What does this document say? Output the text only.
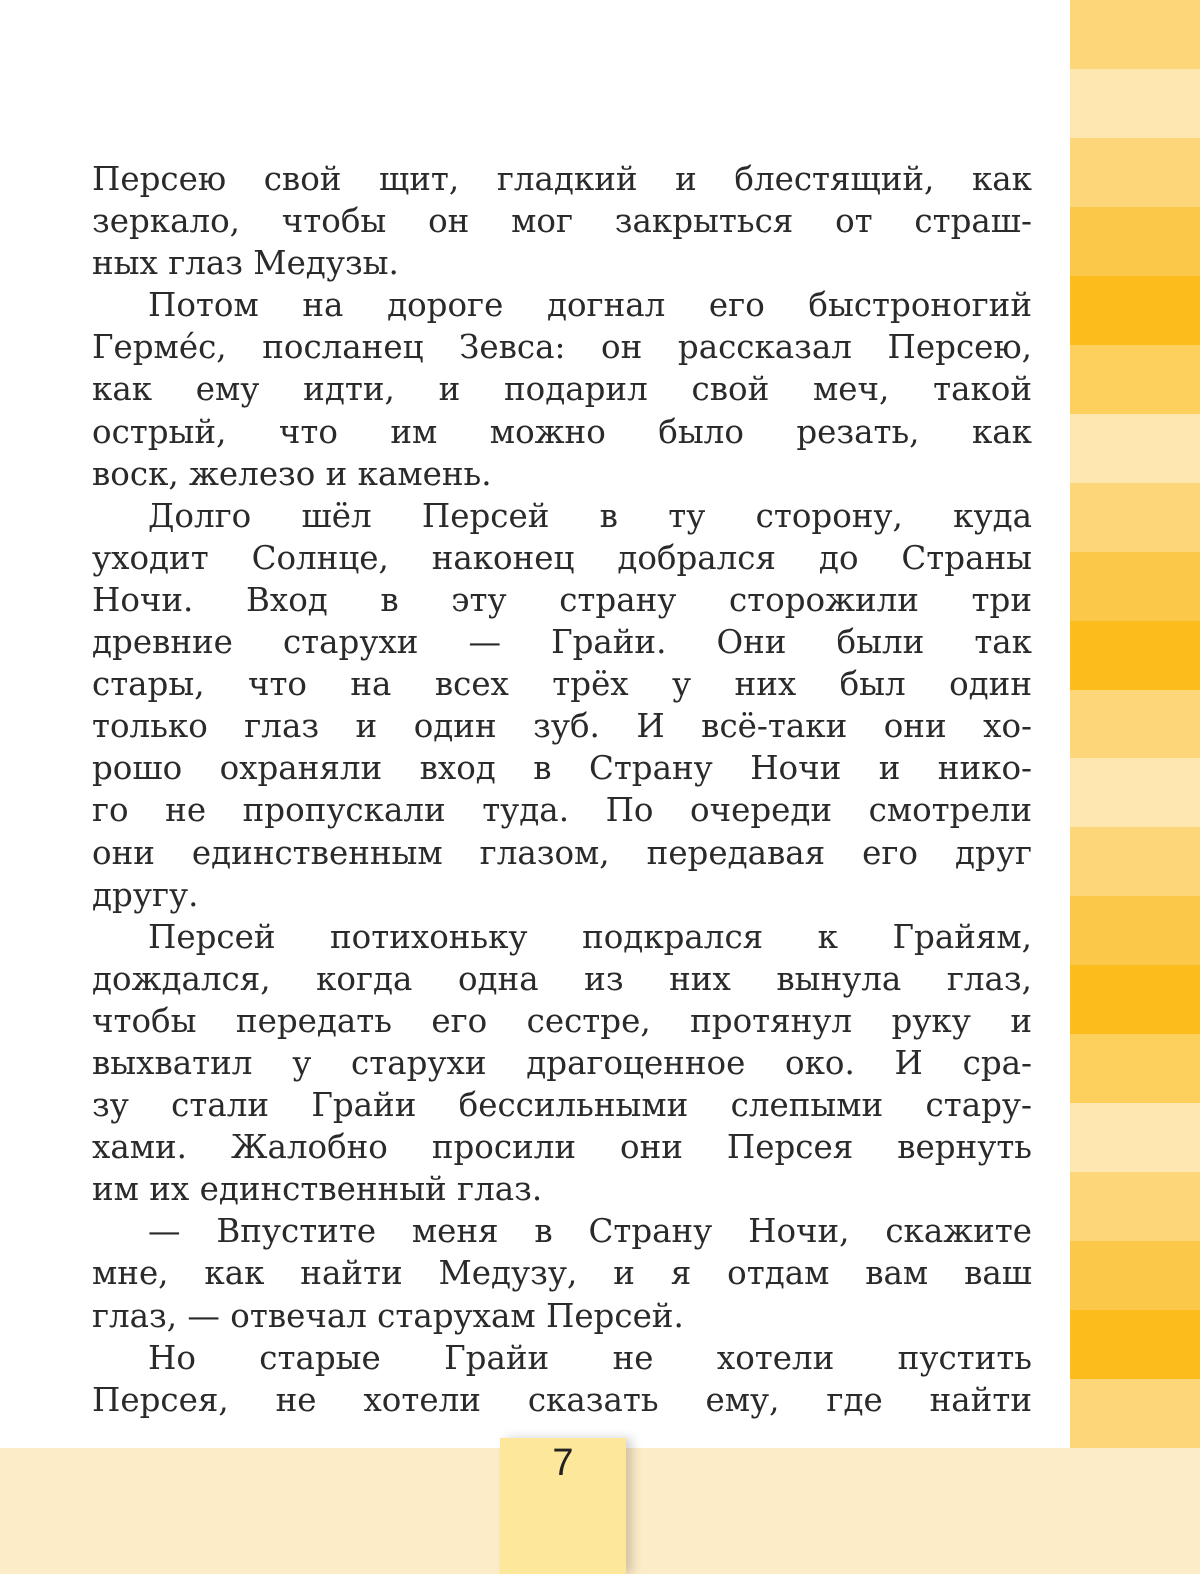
Персею свой щит, гладкий и блестящий, как
зеркало, чтобы он мог закрыться от страш-
ных глаз Медузы.
Потом на дороге догнал его быстроногий
Гермéс, посланец Зевса: он рассказал Персею,
как ему идти, и подарил свой меч, такой
острый, что им можно было резать, как
воск, железо и камень.
Долго шёл Персей в ту сторону, куда
уходит Солнце, наконец добрался до Страны
Ночи. Вход в эту страну сторожили три
древние старухи — Грайи. Они были так
стары, что на всех трёх у них был один
только глаз и один зуб. И всё-таки они хо-
рошо охраняли вход в Страну Ночи и нико-
го не пропускали туда. По очереди смотрели
они единственным глазом, передавая его друг
другу.
Персей потихоньку подкрался к Грайям,
дождался, когда одна из них вынула глаз,
чтобы передать его сестре, протянул руку и
выхватил у старухи драгоценное око. И сра-
зу стали Грайи бессильными слепыми стару-
хами. Жалобно просили они Персея вернуть
им их единственный глаз.
— Впустите меня в Страну Ночи, скажите
мне, как найти Медузу, и я отдам вам ваш
глаз, — отвечал старухам Персей.
Но старые Грайи не хотели пустить
Персея, не хотели сказать ему, где найти
7
